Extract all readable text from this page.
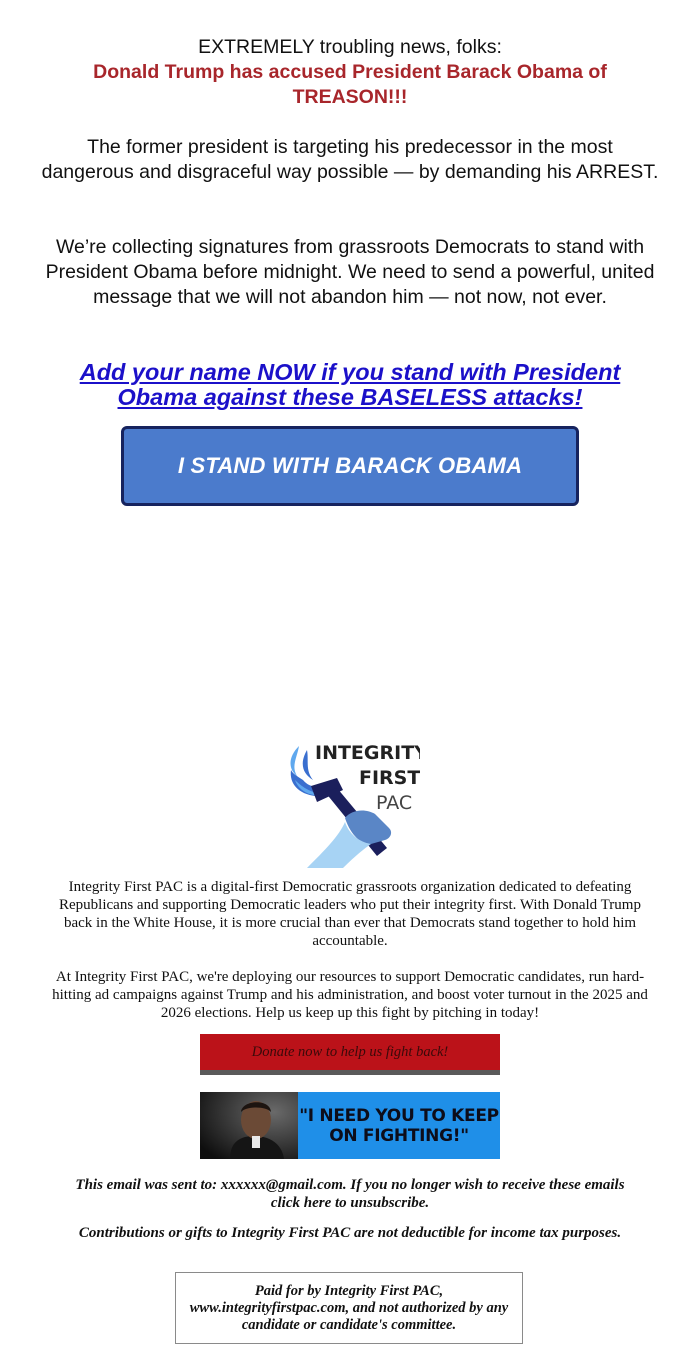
EXTREMELY troubling news, folks:
Donald Trump has accused President Barack Obama of TREASON!!!
The former president is targeting his predecessor in the most dangerous and disgraceful way possible — by demanding his ARREST.
We’re collecting signatures from grassroots Democrats to stand with President Obama before midnight. We need to send a powerful, united message that we will not abandon him — not now, not ever.
Add your name NOW if you stand with President Obama against these BASELESS attacks!
I STAND WITH BARACK OBAMA
INTEGRITY
FIRST
PAC
Integrity First PAC is a digital-first Democratic grassroots organization dedicated to defeating Republicans and supporting Democratic leaders who put their integrity first. With Donald Trump back in the White House, it is more crucial than ever that Democrats stand together to hold him accountable.
At Integrity First PAC, we're deploying our resources to support Democratic candidates, run hard-hitting ad campaigns against Trump and his administration, and boost voter turnout in the 2025 and 2026 elections. Help us keep up this fight by pitching in today!
Donate now to help us fight back!
"I NEED YOU TO KEEP ON FIGHTING!"
This email was sent to: xxxxxx@gmail.com. If you no longer wish to receive these emails
click here to unsubscribe.
Contributions or gifts to Integrity First PAC are not deductible for income tax purposes.
Paid for by Integrity First PAC, www.integrityfirstpac.com, and not authorized by any candidate or candidate's committee.
